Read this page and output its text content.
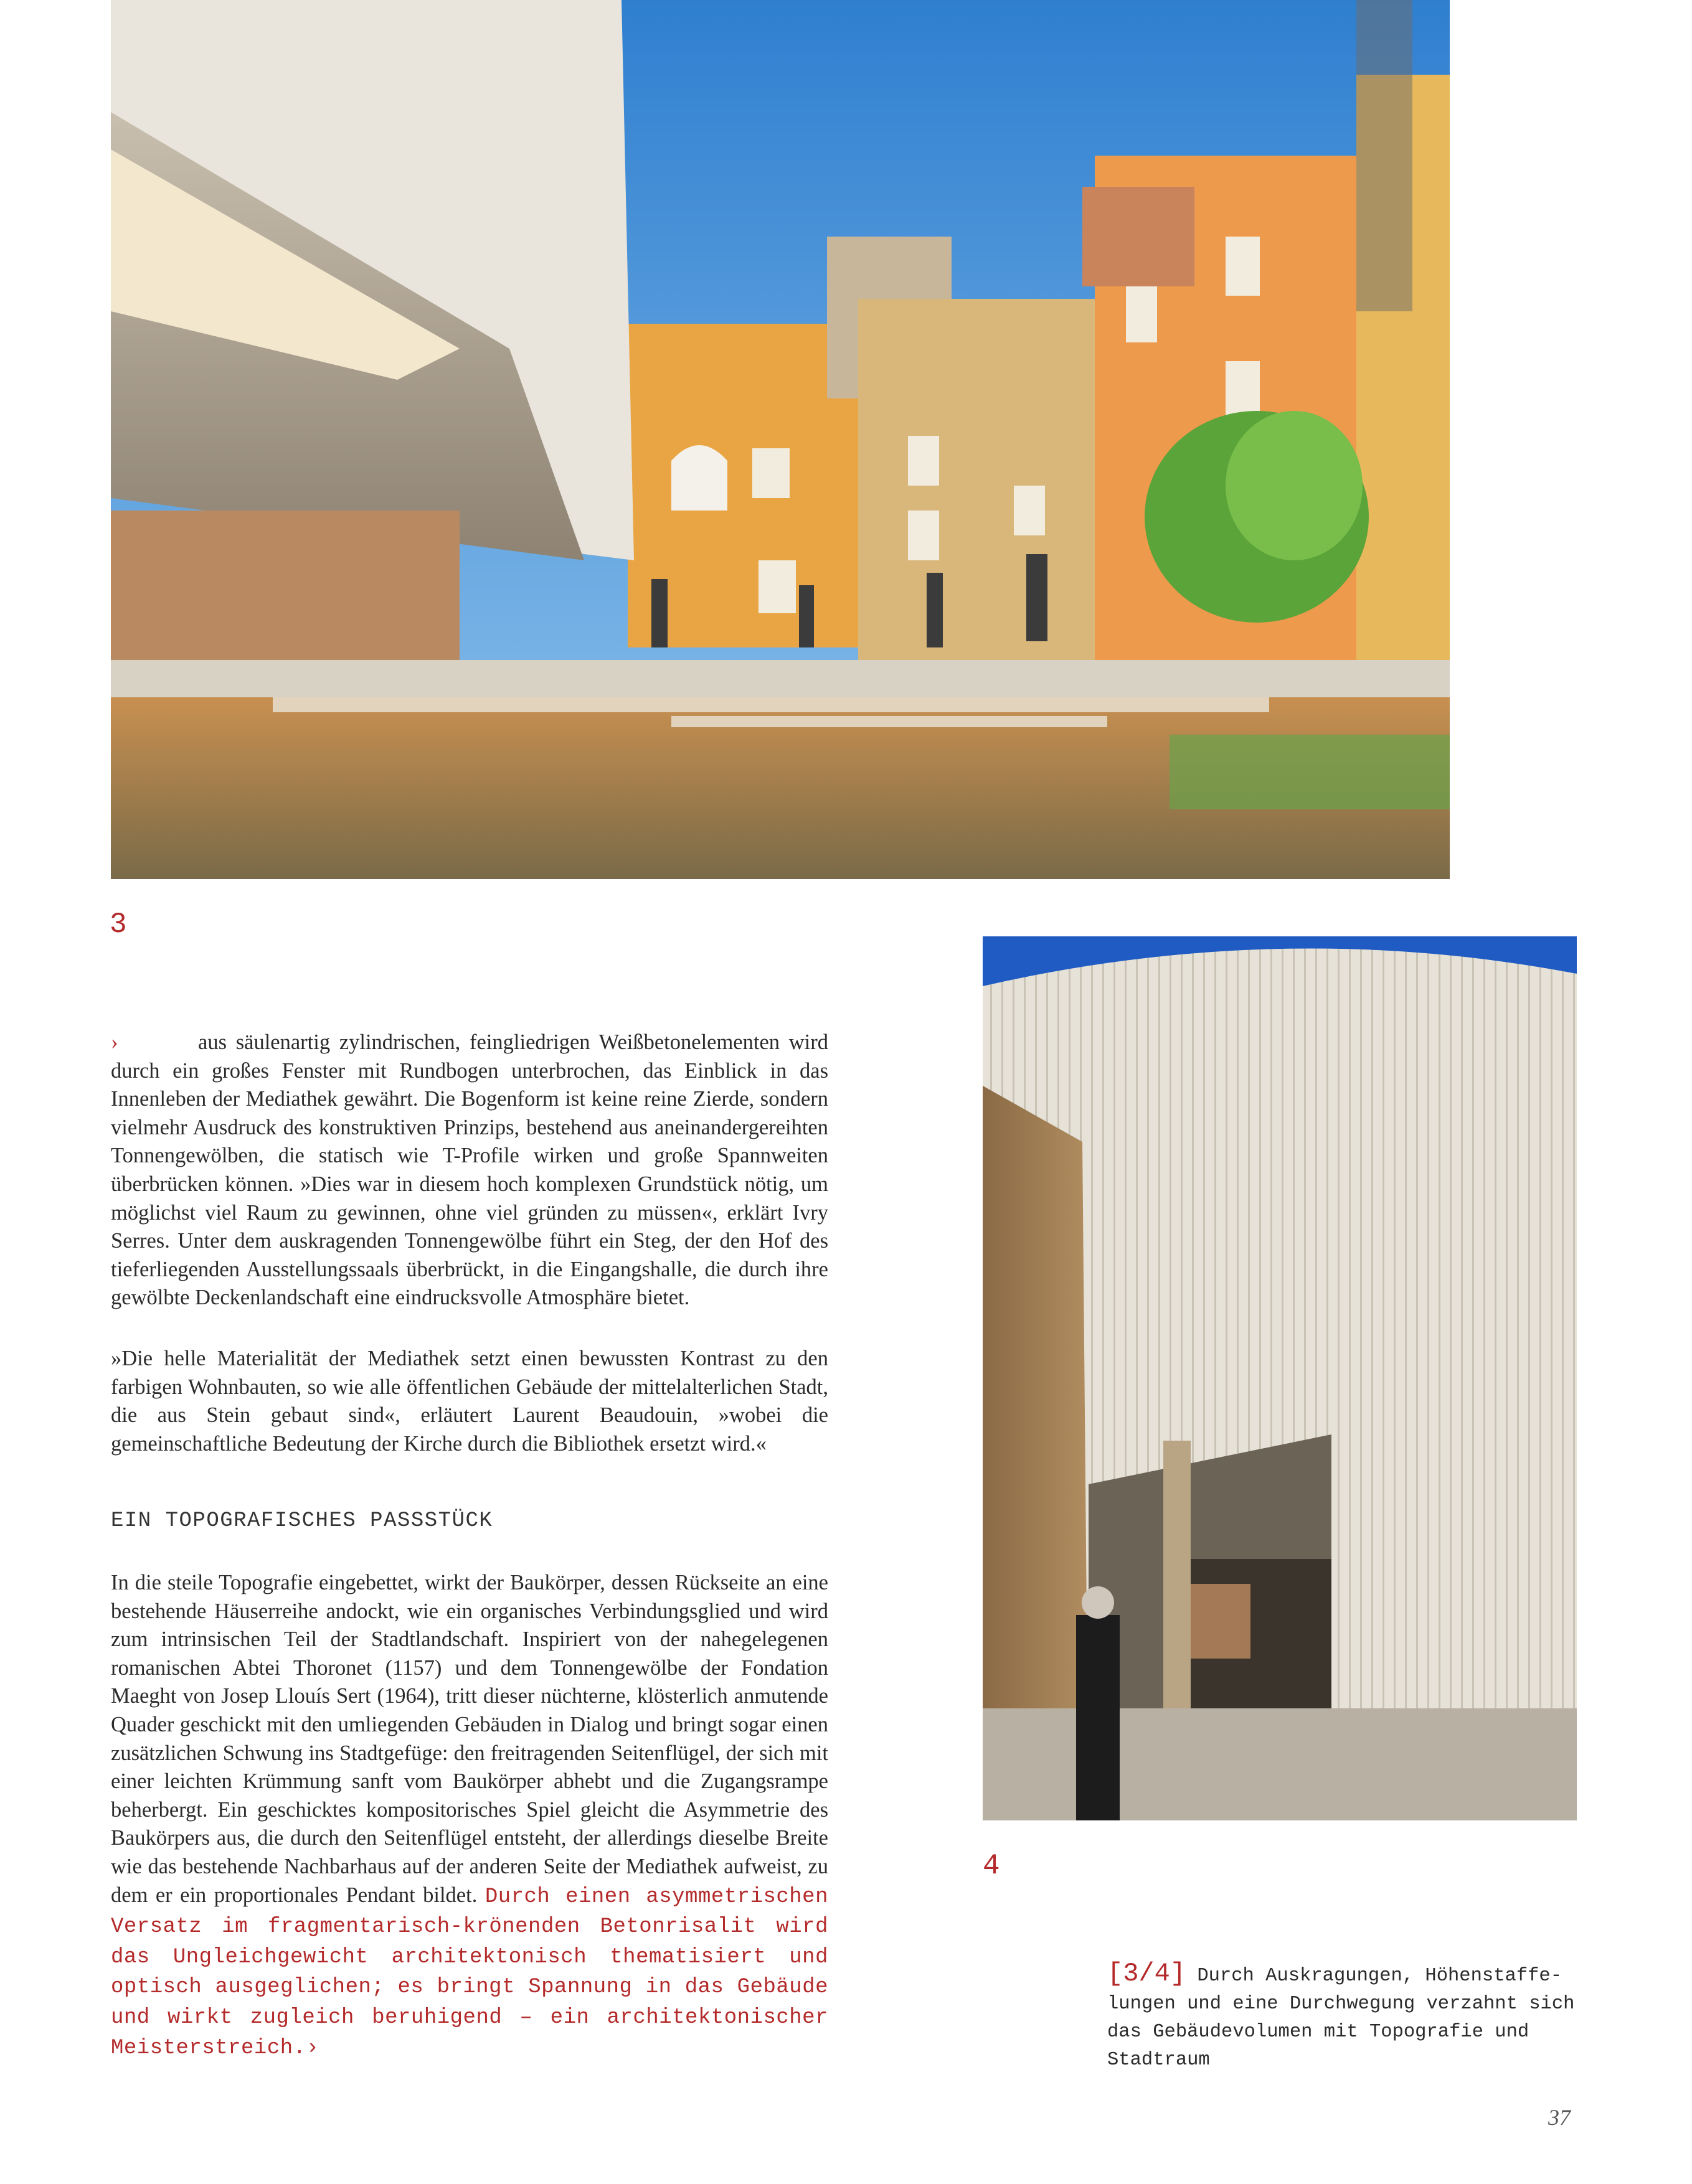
3
4

›	aus säulenartig zylindrischen, feingliedrigen Weißbetonelementen wird durch ein großes Fenster mit Rundbogen unterbrochen, das Einblick in das Innenleben der Mediathek gewährt. Die Bogenform ist keine reine Zierde, sondern vielmehr Ausdruck des konstruktiven Prinzips, bestehend aus aneinandergereihten Tonnengewölben, die statisch wie T-Profile wirken und große Spannweiten überbrücken können. »Dies war in diesem hoch komplexen Grundstück nötig, um möglichst viel Raum zu gewinnen, ohne viel gründen zu müssen«, erklärt Ivry Serres. Unter dem auskragenden Tonnengewölbe führt ein Steg, der den Hof des tieferliegenden Ausstellungssaals überbrückt, in die Eingangshalle, die durch ihre gewölbte Deckenlandschaft eine eindrucksvolle Atmosphäre bietet.

»Die helle Materialität der Mediathek setzt einen bewussten Kontrast zu den farbigen Wohnbauten, so wie alle öffentlichen Gebäude der mittelalterlichen Stadt, die aus Stein gebaut sind«, erläutert Laurent Beaudouin, »wobei die gemeinschaftliche Bedeutung der Kirche durch die Bibliothek ersetzt wird.«

EIN TOPOGRAFISCHES PASSSTÜCK

In die steile Topografie eingebettet, wirkt der Baukörper, dessen Rückseite an eine bestehende Häuserreihe andockt, wie ein organisches Verbindungsglied und wird zum intrinsischen Teil der Stadtlandschaft. Inspiriert von der nahegelegenen romanischen Abtei Thoronet (1157) und dem Tonnengewölbe der Fondation Maeght von Josep Llouís Sert (1964), tritt dieser nüchterne, klösterlich anmutende Quader geschickt mit den umliegenden Gebäuden in Dialog und bringt sogar einen zusätzlichen Schwung ins Stadtgefüge: den freitragenden Seitenflügel, der sich mit einer leichten Krümmung sanft vom Baukörper abhebt und die Zugangsrampe beherbergt. Ein geschicktes kompositorisches Spiel gleicht die Asymmetrie des Baukörpers aus, die durch den Seitenflügel entsteht, der allerdings dieselbe Breite wie das bestehende Nachbarhaus auf der anderen Seite der Mediathek aufweist, zu dem er ein proportionales Pendant bildet. Durch einen asymmetrischen Versatz im fragmentarisch-krönenden Betonrisalit wird das Ungleichgewicht architektonisch thematisiert und optisch ausgeglichen; es bringt Spannung in das Gebäude und wirkt zugleich beruhigend – ein architektonischer Meisterstreich.›

[3/4] Durch Auskragungen, Höhenstaffelungen und eine Durchwegung verzahnt sich das Gebäudevolumen mit Topografie und Stadtraum
37
